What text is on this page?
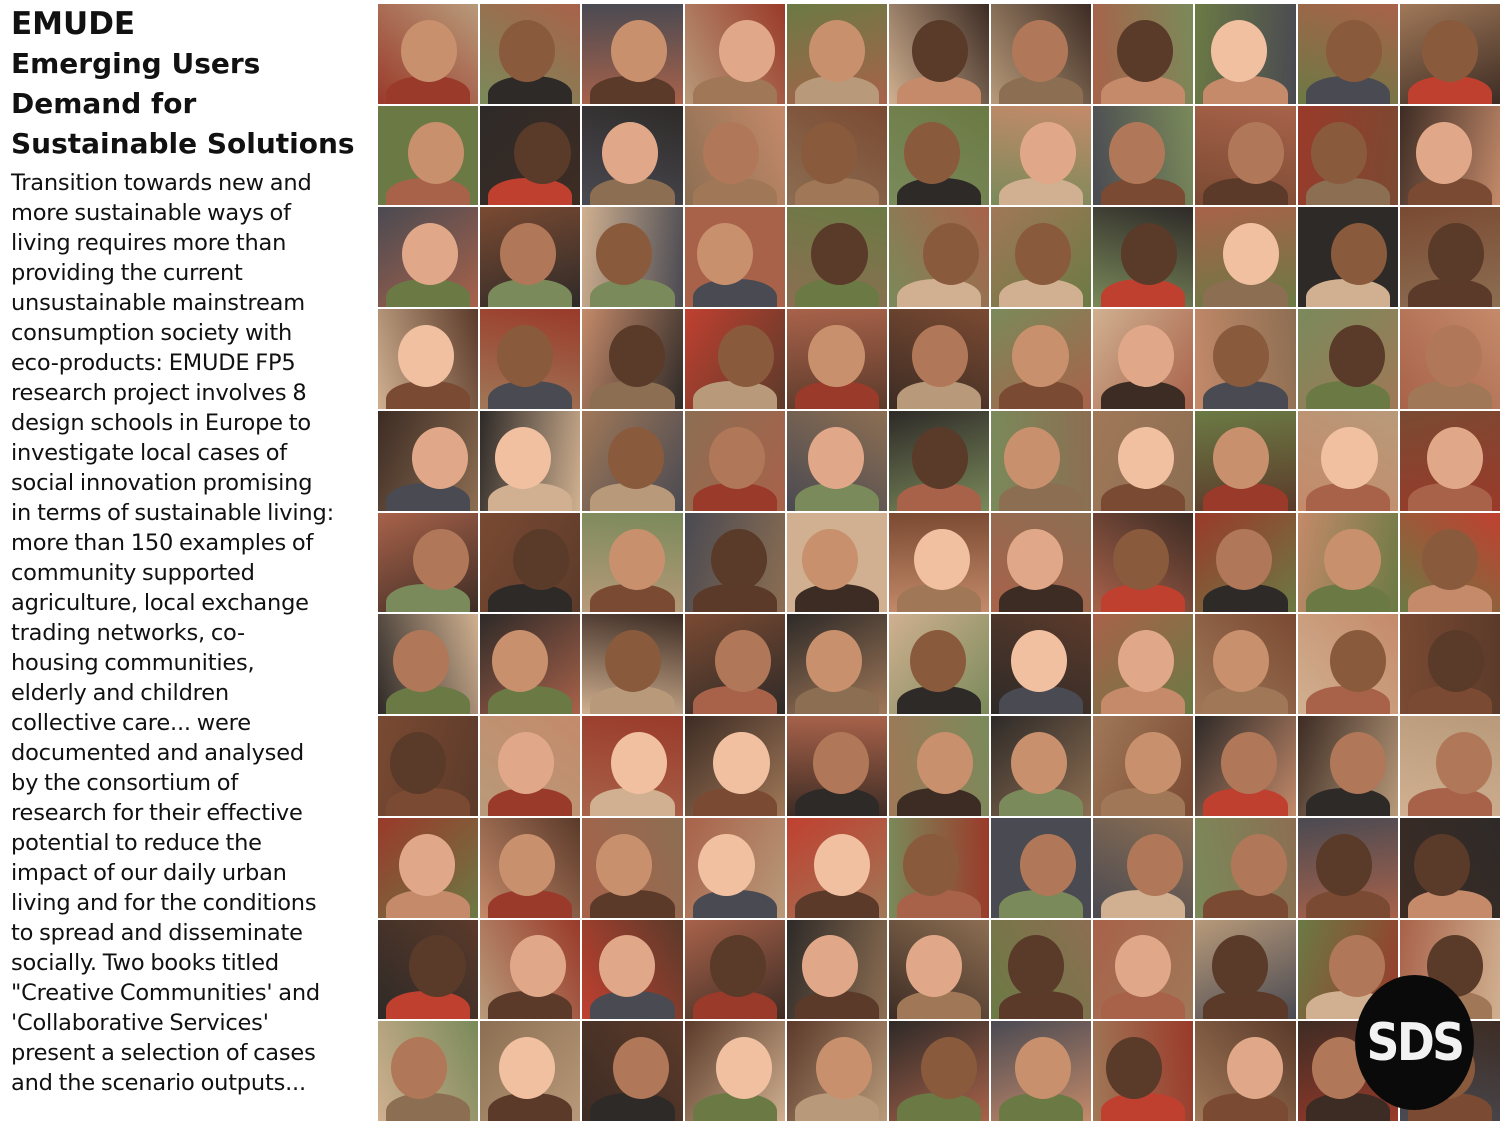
EMUDE
Emerging Users
Demand for
Sustainable Solutions

Transition towards new and
more sustainable ways of
living requires more than
providing the current
unsustainable mainstream
consumption society with
eco-products: EMUDE FP5
research project involves 8
design schools in Europe to
investigate local cases of
social innovation promising
in terms of sustainable living:
more than 150 examples of
community supported
agriculture, local exchange
trading networks, co-
housing communities,
elderly and children
collective care... were
documented and analysed
by the consortium of
research for their effective
potential to reduce the
impact of our daily urban
living and for the conditions
to spread and disseminate
socially. Two books titled
"Creative Communities' and
'Collaborative Services'
present a selection of cases
and the scenario outputs...

SDS
